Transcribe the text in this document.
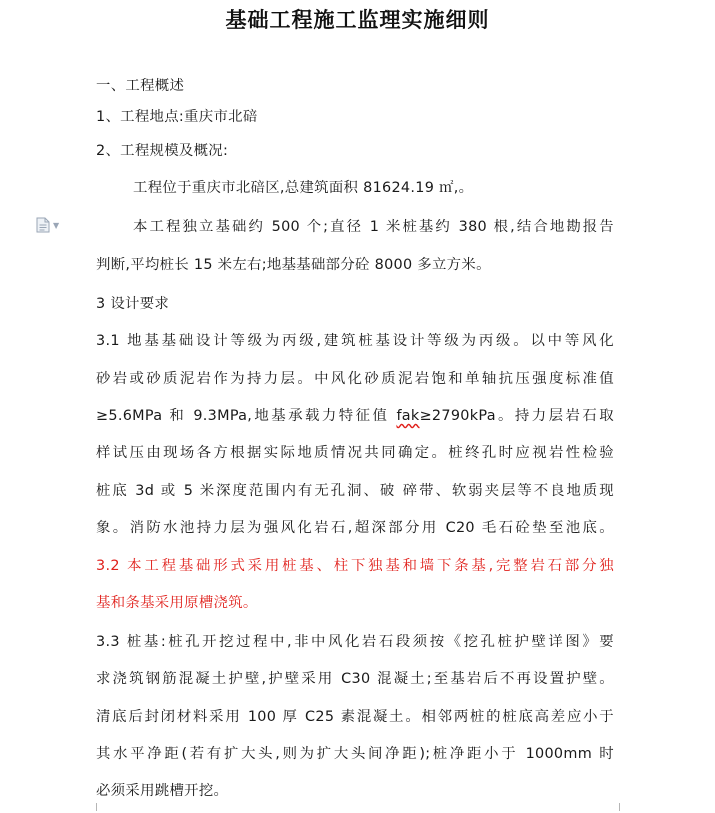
基础工程施工监理实施细则
一、工程概述
1、工程地点:重庆市北碚
2、工程规模及概况:
工程位于重庆市北碚区,总建筑面积 81624.19 ㎡,。
▼	本工程独立基础约 500 个;直径 1 米桩基约 380 根,结合地勘报告
判断,平均桩长 15 米左右;地基基础部分砼 8000 多立方米。
3 设计要求
3.1 地基基础设计等级为丙级,建筑桩基设计等级为丙级。以中等风化
砂岩或砂质泥岩作为持力层。中风化砂质泥岩饱和单轴抗压强度标准值
≥5.6MPa 和 9.3MPa,地基承载力特征值 fak≥2790kPa。持力层岩石取
样试压由现场各方根据实际地质情况共同确定。桩终孔时应视岩性检验
桩底 3d 或 5 米深度范围内有无孔洞、破 碎带、软弱夹层等不良地质现
象。消防水池持力层为强风化岩石,超深部分用 C20 毛石砼垫至池底。
3.2 本工程基础形式采用桩基、柱下独基和墙下条基,完整岩石部分独
基和条基采用原槽浇筑。
3.3 桩基:桩孔开挖过程中,非中风化岩石段须按《挖孔桩护壁详图》要
求浇筑钢筋混凝土护壁,护壁采用 C30 混凝土;至基岩后不再设置护壁。
清底后封闭材料采用 100 厚 C25 素混凝土。相邻两桩的桩底高差应小于
其水平净距(若有扩大头,则为扩大头间净距);桩净距小于 1000mm 时
必须采用跳槽开挖。
